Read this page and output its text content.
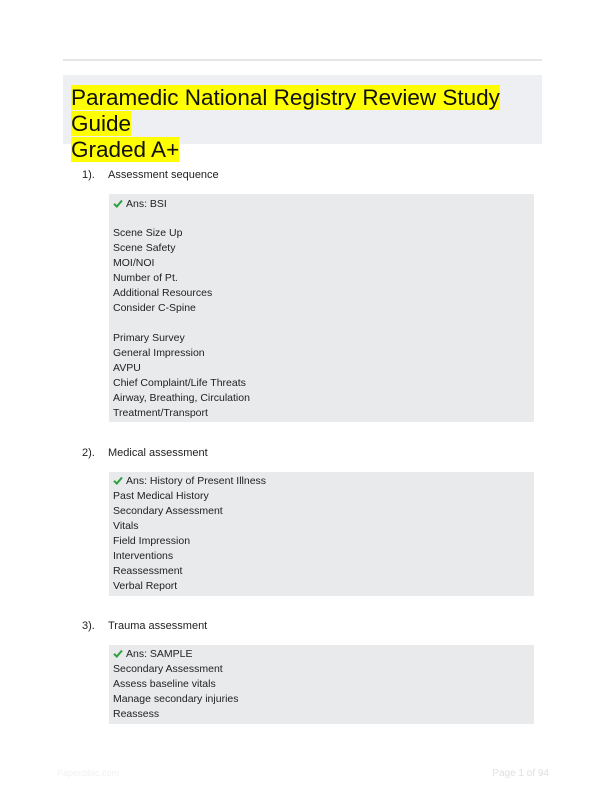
Paramedic National Registry Review Study Guide
Graded A+
1). Assessment sequence
Ans: BSI
Scene Size Up
Scene Safety
MOI/NOI
Number of Pt.
Additional Resources
Consider C-Spine
Primary Survey
General Impression
AVPU
Chief Complaint/Life Threats
Airway, Breathing, Circulation
Treatment/Transport
2). Medical assessment
Ans: History of Present Illness
Past Medical History
Secondary Assessment
Vitals
Field Impression
Interventions
Reassessment
Verbal Report
3). Trauma assessment
Ans: SAMPLE
Secondary Assessment
Assess baseline vitals
Manage secondary injuries
Reassess
Paperdibic.com	Page 1 of 94
